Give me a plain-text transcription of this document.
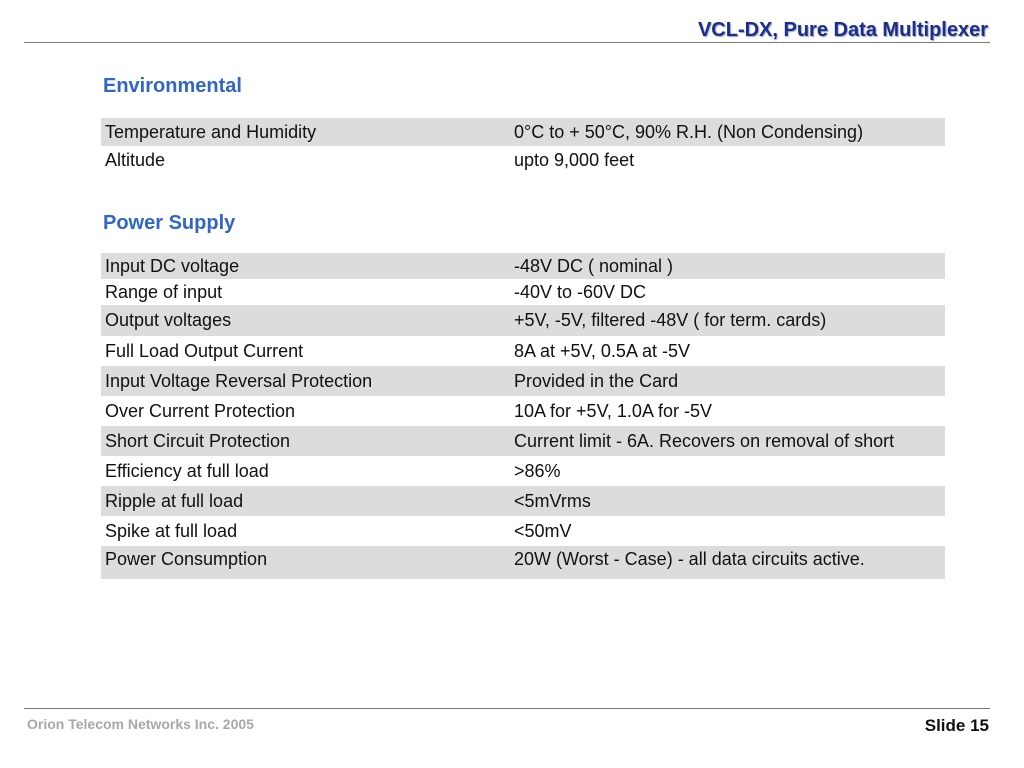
VCL-DX, Pure Data Multiplexer
Environmental
Temperature and Humidity	0°C to + 50°C, 90% R.H. (Non Condensing)
Altitude	upto 9,000 feet
Power Supply
Input DC voltage	-48V DC ( nominal )
Range of input	-40V to -60V DC
Output voltages	+5V, -5V, filtered -48V ( for term. cards)
Full Load Output Current	8A at +5V, 0.5A at -5V
Input Voltage Reversal Protection	Provided in the Card
Over Current Protection	10A for +5V, 1.0A for -5V
Short Circuit Protection	Current limit - 6A. Recovers on removal of short
Efficiency at full load	>86%
Ripple at full load	<5mVrms
Spike at full load	<50mV
Power Consumption	20W (Worst - Case) - all data circuits active.
Orion Telecom Networks Inc. 2005	Slide 15
